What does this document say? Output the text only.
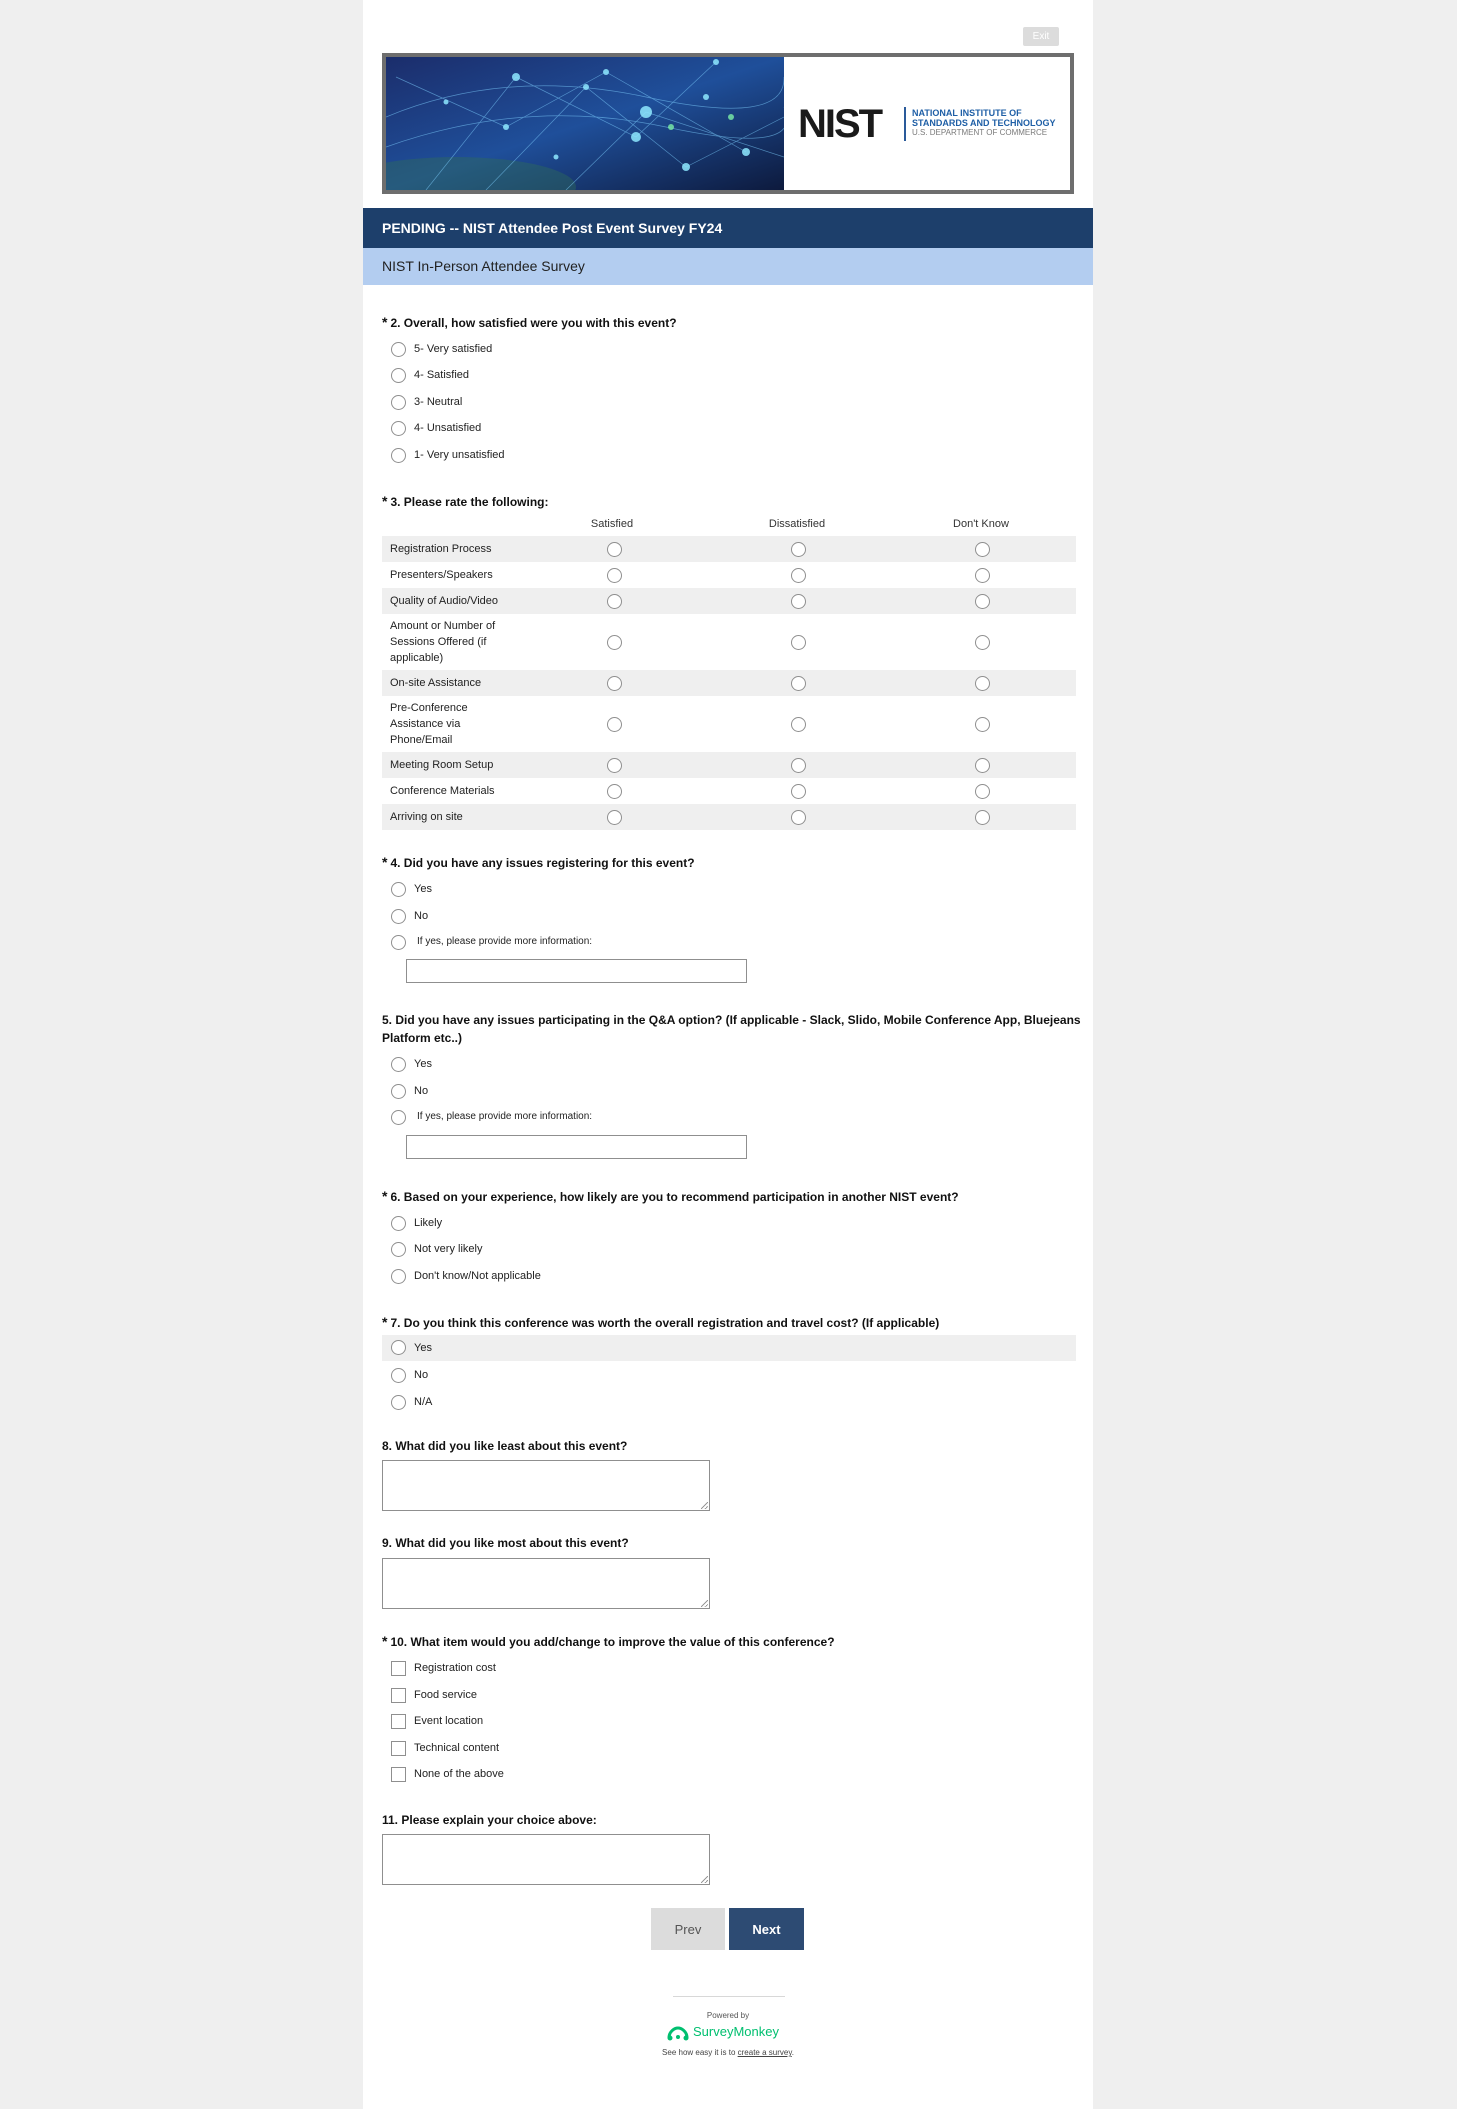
Exit
NIST	NATIONAL INSTITUTE OF
STANDARDS AND TECHNOLOGY
U.S. DEPARTMENT OF COMMERCE
PENDING -- NIST Attendee Post Event Survey FY24
NIST In-Person Attendee Survey
* 2. Overall, how satisfied were you with this event?
5- Very satisfied
4- Satisfied
3- Neutral
4- Unsatisfied
1- Very unsatisfied
* 3. Please rate the following:
Satisfied	Dissatisfied	Don't Know
Registration Process
Presenters/Speakers
Quality of Audio/Video
Amount or Number of Sessions Offered (if applicable)
On-site Assistance
Pre-Conference Assistance via Phone/Email
Meeting Room Setup
Conference Materials
Arriving on site
* 4. Did you have any issues registering for this event?
Yes
No
If yes, please provide more information:
5. Did you have any issues participating in the Q&A option? (If applicable - Slack, Slido, Mobile Conference App, Bluejeans Platform etc..)
Yes
No
If yes, please provide more information:
* 6. Based on your experience, how likely are you to recommend participation in another NIST event?
Likely
Not very likely
Don't know/Not applicable
* 7. Do you think this conference was worth the overall registration and travel cost? (If applicable)
Yes
No
N/A
8. What did you like least about this event?
9. What did you like most about this event?
* 10. What item would you add/change to improve the value of this conference?
Registration cost
Food service
Event location
Technical content
None of the above
11. Please explain your choice above:
Prev	Next
Powered by
SurveyMonkey
See how easy it is to create a survey.
